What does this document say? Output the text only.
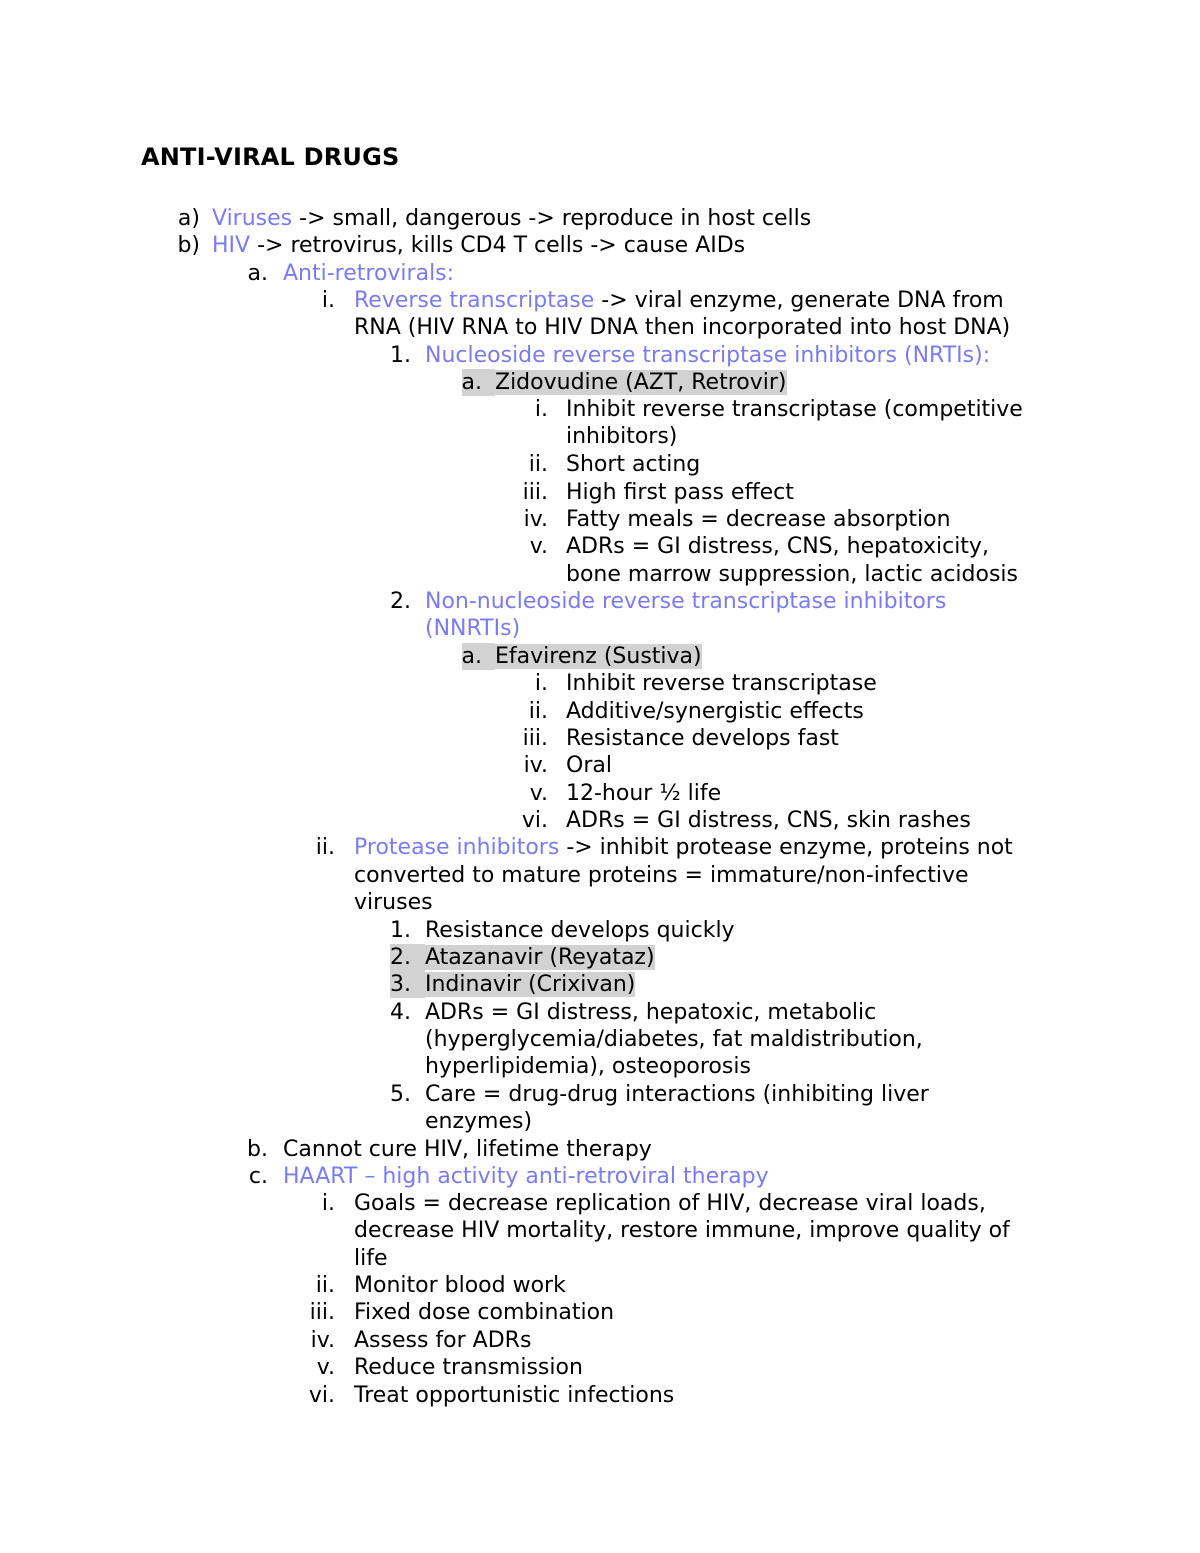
ANTI-VIRAL DRUGS
a) Viruses -> small, dangerous -> reproduce in host cells
b) HIV -> retrovirus, kills CD4 T cells -> cause AIDs
a. Anti-retrovirals:
i. Reverse transcriptase -> viral enzyme, generate DNA from
RNA (HIV RNA to HIV DNA then incorporated into host DNA)
1. Nucleoside reverse transcriptase inhibitors (NRTIs):
a. Zidovudine (AZT, Retrovir)
i. Inhibit reverse transcriptase (competitive
inhibitors)
ii. Short acting
iii. High first pass effect
iv. Fatty meals = decrease absorption
v. ADRs = GI distress, CNS, hepatoxicity,
bone marrow suppression, lactic acidosis
2. Non-nucleoside reverse transcriptase inhibitors
(NNRTIs)
a. Efavirenz (Sustiva)
i. Inhibit reverse transcriptase
ii. Additive/synergistic effects
iii. Resistance develops fast
iv. Oral
v. 12-hour ½ life
vi. ADRs = GI distress, CNS, skin rashes
ii. Protease inhibitors -> inhibit protease enzyme, proteins not
converted to mature proteins = immature/non-infective
viruses
1. Resistance develops quickly
2. Atazanavir (Reyataz)
3. Indinavir (Crixivan)
4. ADRs = GI distress, hepatoxic, metabolic
(hyperglycemia/diabetes, fat maldistribution,
hyperlipidemia), osteoporosis
5. Care = drug-drug interactions (inhibiting liver
enzymes)
b. Cannot cure HIV, lifetime therapy
c. HAART – high activity anti-retroviral therapy
i. Goals = decrease replication of HIV, decrease viral loads,
decrease HIV mortality, restore immune, improve quality of
life
ii. Monitor blood work
iii. Fixed dose combination
iv. Assess for ADRs
v. Reduce transmission
vi. Treat opportunistic infections
